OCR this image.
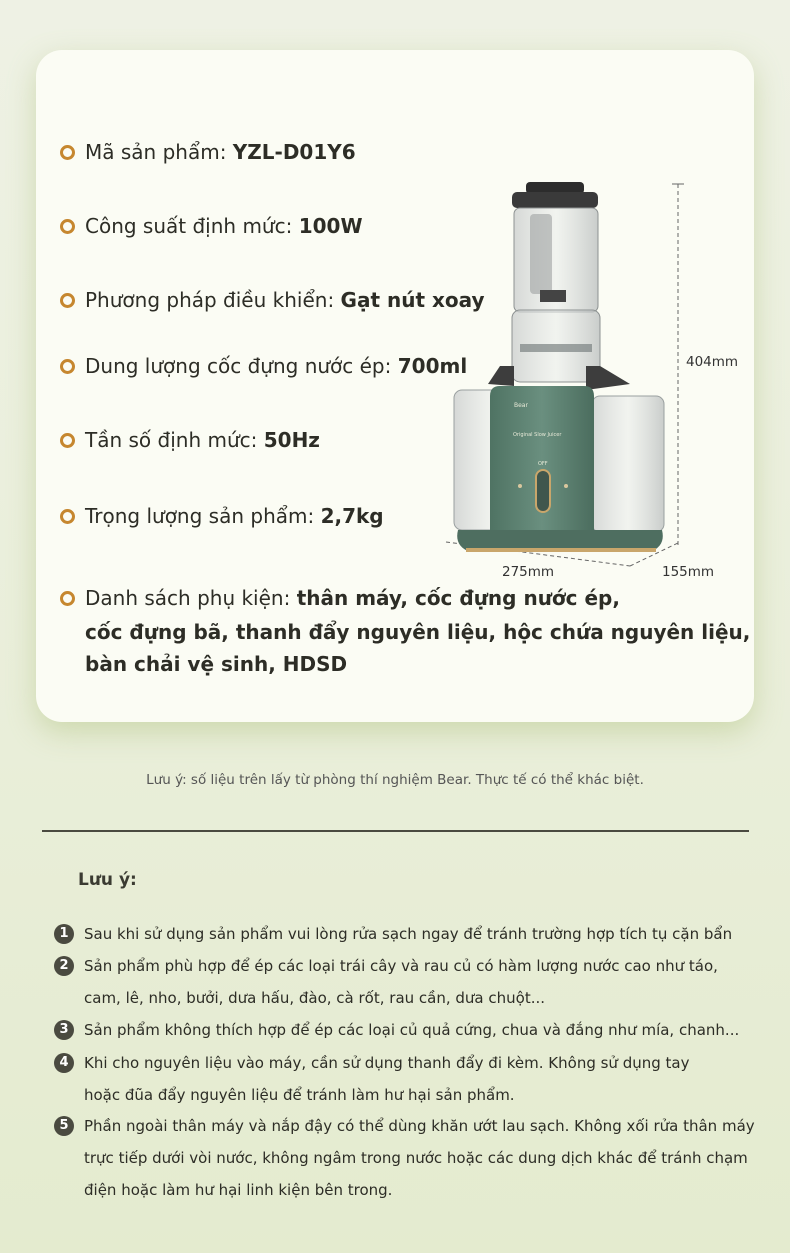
Mã sản phẩm: YZL-D01Y6
Công suất định mức: 100W
Phương pháp điều khiển: Gạt nút xoay
Dung lượng cốc đựng nước ép: 700ml
Tần số định mức: 50Hz
Trọng lượng sản phẩm: 2,7kg
Danh sách phụ kiện: thân máy, cốc đựng nước ép,
cốc đựng bã, thanh đẩy nguyên liệu, hộc chứa nguyên liệu,
bàn chải vệ sinh, HDSD
Bear
Original Slow Juicer
OFF
404mm
275mm	155mm
Lưu ý: số liệu trên lấy từ phòng thí nghiệm Bear. Thực tế có thể khác biệt.
Lưu ý:
1	Sau khi sử dụng sản phẩm vui lòng rửa sạch ngay để tránh trường hợp tích tụ cặn bẩn
2	Sản phẩm phù hợp để ép các loại trái cây và rau củ có hàm lượng nước cao như táo,
cam, lê, nho, bưởi, dưa hấu, đào, cà rốt, rau cần, dưa chuột...
3	Sản phẩm không thích hợp để ép các loại củ quả cứng, chua và đắng như mía, chanh...
4	Khi cho nguyên liệu vào máy, cần sử dụng thanh đẩy đi kèm. Không sử dụng tay
hoặc đũa đẩy nguyên liệu để tránh làm hư hại sản phẩm.
5	Phần ngoài thân máy và nắp đậy có thể dùng khăn ướt lau sạch. Không xối rửa thân máy
trực tiếp dưới vòi nước, không ngâm trong nước hoặc các dung dịch khác để tránh chạm
điện hoặc làm hư hại linh kiện bên trong.
